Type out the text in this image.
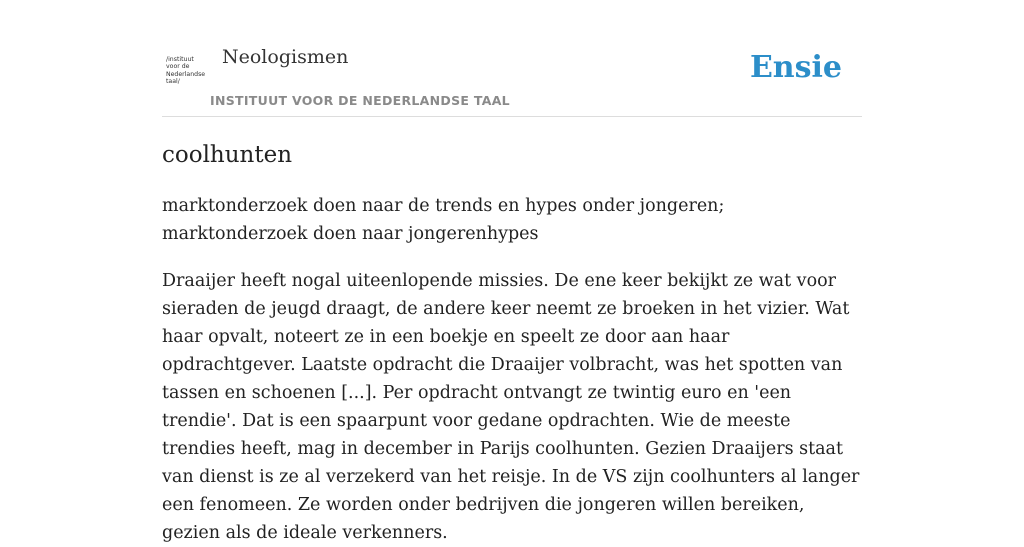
/instituut
voor de
Nederlandse
taal/
Neologismen
INSTITUUT VOOR DE NEDERLANDSE TAAL
Ensie
coolhunten

marktonderzoek doen naar de trends en hypes onder jongeren; marktonderzoek doen naar jongerenhypes

Draaijer heeft nogal uiteenlopende missies. De ene keer bekijkt ze wat voor sieraden de jeugd draagt, de andere keer neemt ze broeken in het vizier. Wat haar opvalt, noteert ze in een boekje en speelt ze door aan haar opdrachtgever. Laatste opdracht die Draaijer volbracht, was het spotten van tassen en schoenen [...]. Per opdracht ontvangt ze twintig euro en 'een trendie'. Dat is een spaarpunt voor gedane opdrachten. Wie de meeste trendies heeft, mag in december in Parijs coolhunten. Gezien Draaijers staat van dienst is ze al verzekerd van het reisje. In de VS zijn coolhunters al langer een fenomeen. Ze worden onder bedrijven die jongeren willen bereiken, gezien als de ideale verkenners.
